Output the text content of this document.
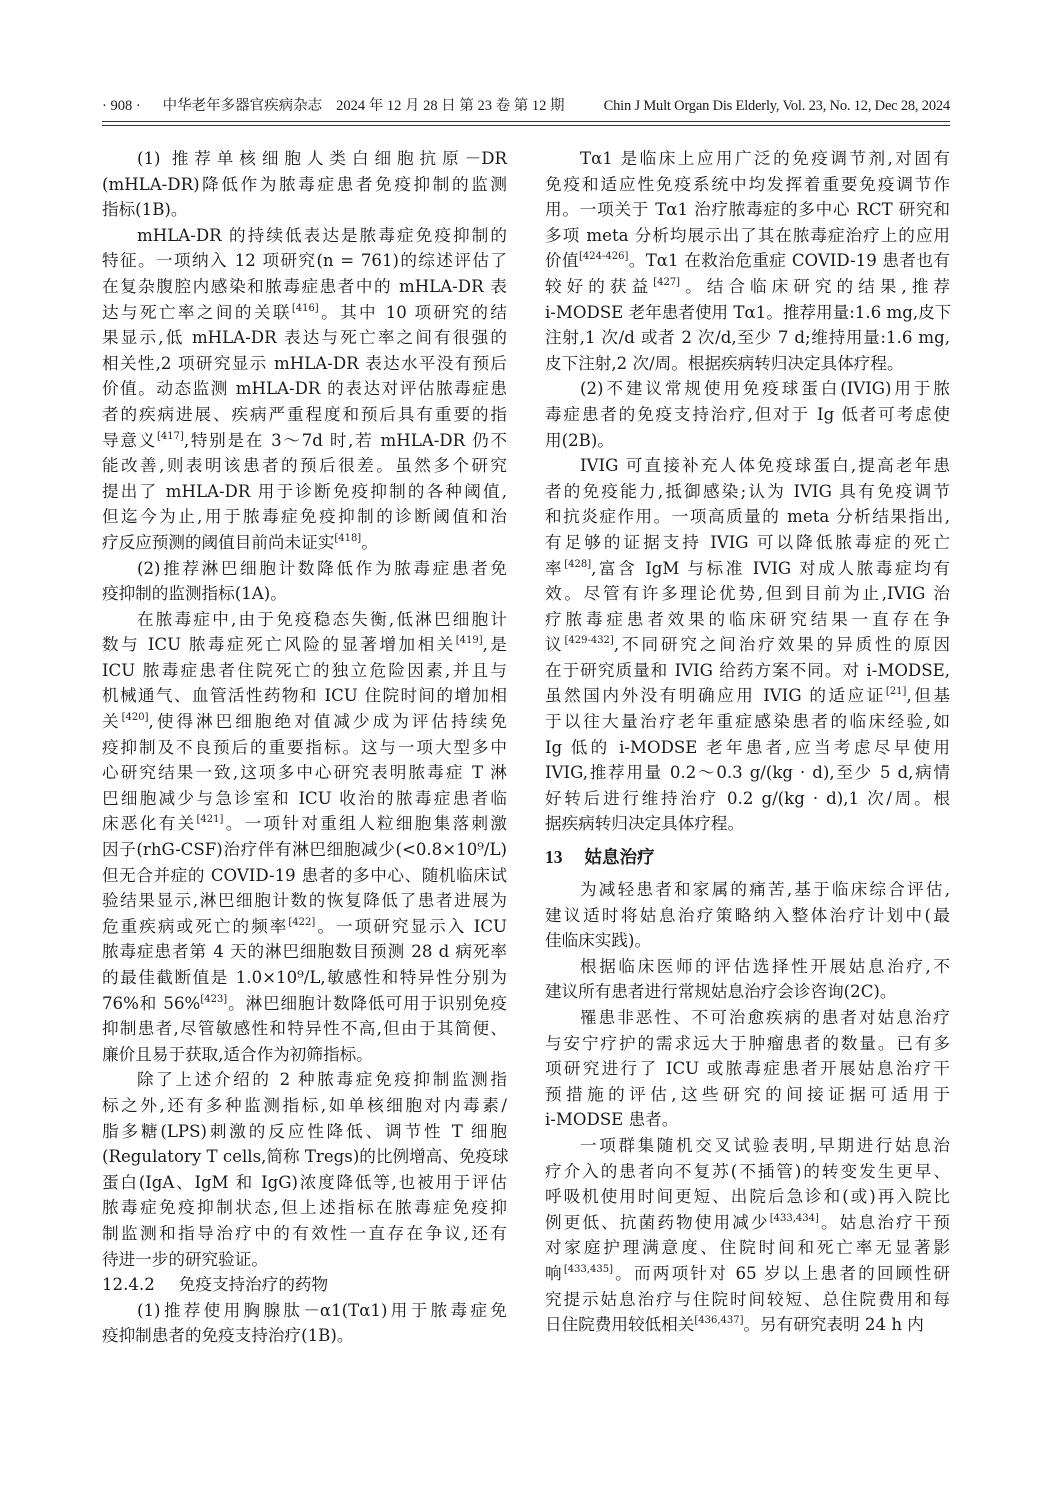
· 908 · 中华老年多器官疾病杂志 2024 年 12 月 28 日 第 23 卷 第 12 期	Chin J Mult Organ Dis Elderly, Vol. 23, No. 12, Dec 28, 2024
(1) 推荐单核细胞人类白细胞抗原－DR
(mHLA-DR)降低作为脓毒症患者免疫抑制的监测
指标(1B)。
mHLA-DR 的持续低表达是脓毒症免疫抑制的
特征。一项纳入 12 项研究(n = 761)的综述评估了
在复杂腹腔内感染和脓毒症患者中的 mHLA-DR 表
达与死亡率之间的关联[416]。其中 10 项研究的结
果显示,低 mHLA-DR 表达与死亡率之间有很强的
相关性,2 项研究显示 mHLA-DR 表达水平没有预后
价值。动态监测 mHLA-DR 的表达对评估脓毒症患
者的疾病进展、疾病严重程度和预后具有重要的指
导意义[417],特别是在 3～7d 时,若 mHLA-DR 仍不
能改善,则表明该患者的预后很差。虽然多个研究
提出了 mHLA-DR 用于诊断免疫抑制的各种阈值,
但迄今为止,用于脓毒症免疫抑制的诊断阈值和治
疗反应预测的阈值目前尚未证实[418]。
(2)推荐淋巴细胞计数降低作为脓毒症患者免
疫抑制的监测指标(1A)。
在脓毒症中,由于免疫稳态失衡,低淋巴细胞计
数与 ICU 脓毒症死亡风险的显著增加相关[419],是
ICU 脓毒症患者住院死亡的独立危险因素,并且与
机械通气、血管活性药物和 ICU 住院时间的增加相
关[420],使得淋巴细胞绝对值减少成为评估持续免
疫抑制及不良预后的重要指标。这与一项大型多中
心研究结果一致,这项多中心研究表明脓毒症 T 淋
巴细胞减少与急诊室和 ICU 收治的脓毒症患者临
床恶化有关[421]。一项针对重组人粒细胞集落刺激
因子(rhG-CSF)治疗伴有淋巴细胞减少(<0.8×10⁹/L)
但无合并症的 COVID-19 患者的多中心、随机临床试
验结果显示,淋巴细胞计数的恢复降低了患者进展为
危重疾病或死亡的频率[422]。一项研究显示入 ICU
脓毒症患者第 4 天的淋巴细胞数目预测 28 d 病死率
的最佳截断值是 1.0×10⁹/L,敏感性和特异性分别为
76%和 56%[423]。淋巴细胞计数降低可用于识别免疫
抑制患者,尽管敏感性和特异性不高,但由于其简便、
廉价且易于获取,适合作为初筛指标。
除了上述介绍的 2 种脓毒症免疫抑制监测指
标之外,还有多种监测指标,如单核细胞对内毒素/
脂多糖(LPS)刺激的反应性降低、调节性 T 细胞
(Regulatory T cells,简称 Tregs)的比例增高、免疫球
蛋白(IgA、IgM 和 IgG)浓度降低等,也被用于评估
脓毒症免疫抑制状态,但上述指标在脓毒症免疫抑
制监测和指导治疗中的有效性一直存在争议,还有
待进一步的研究验证。
12.4.2 免疫支持治疗的药物
(1)推荐使用胸腺肽－α1(Tα1)用于脓毒症免
疫抑制患者的免疫支持治疗(1B)。
Tα1 是临床上应用广泛的免疫调节剂,对固有
免疫和适应性免疫系统中均发挥着重要免疫调节作
用。一项关于 Tα1 治疗脓毒症的多中心 RCT 研究和
多项 meta 分析均展示出了其在脓毒症治疗上的应用
价值[424-426]。Tα1 在救治危重症 COVID-19 患者也有
较好的获益[427]。结合临床研究的结果,推荐
i-MODSE 老年患者使用 Tα1。推荐用量:1.6 mg,皮下
注射,1 次/d 或者 2 次/d,至少 7 d;维持用量:1.6 mg,
皮下注射,2 次/周。根据疾病转归决定具体疗程。
(2)不建议常规使用免疫球蛋白(IVIG)用于脓
毒症患者的免疫支持治疗,但对于 Ig 低者可考虑使
用(2B)。
IVIG 可直接补充人体免疫球蛋白,提高老年患
者的免疫能力,抵御感染;认为 IVIG 具有免疫调节
和抗炎症作用。一项高质量的 meta 分析结果指出,
有足够的证据支持 IVIG 可以降低脓毒症的死亡
率[428],富含 IgM 与标准 IVIG 对成人脓毒症均有
效。尽管有许多理论优势,但到目前为止,IVIG 治
疗脓毒症患者效果的临床研究结果一直存在争
议[429-432],不同研究之间治疗效果的异质性的原因
在于研究质量和 IVIG 给药方案不同。对 i-MODSE,
虽然国内外没有明确应用 IVIG 的适应证[21],但基
于以往大量治疗老年重症感染患者的临床经验,如
Ig 低的 i-MODSE 老年患者,应当考虑尽早使用
IVIG,推荐用量 0.2～0.3 g/(kg · d),至少 5 d,病情
好转后进行维持治疗 0.2 g/(kg · d),1 次/周。根
据疾病转归决定具体疗程。
13 姑息治疗
为减轻患者和家属的痛苦,基于临床综合评估,
建议适时将姑息治疗策略纳入整体治疗计划中(最
佳临床实践)。
根据临床医师的评估选择性开展姑息治疗,不
建议所有患者进行常规姑息治疗会诊咨询(2C)。
罹患非恶性、不可治愈疾病的患者对姑息治疗
与安宁疗护的需求远大于肿瘤患者的数量。已有多
项研究进行了 ICU 或脓毒症患者开展姑息治疗干
预措施的评估,这些研究的间接证据可适用于
i-MODSE 患者。
一项群集随机交叉试验表明,早期进行姑息治
疗介入的患者向不复苏(不插管)的转变发生更早、
呼吸机使用时间更短、出院后急诊和(或)再入院比
例更低、抗菌药物使用减少[433,434]。姑息治疗干预
对家庭护理满意度、住院时间和死亡率无显著影
响[433,435]。而两项针对 65 岁以上患者的回顾性研
究提示姑息治疗与住院时间较短、总住院费用和每
日住院费用较低相关[436,437]。另有研究表明 24 h 内
